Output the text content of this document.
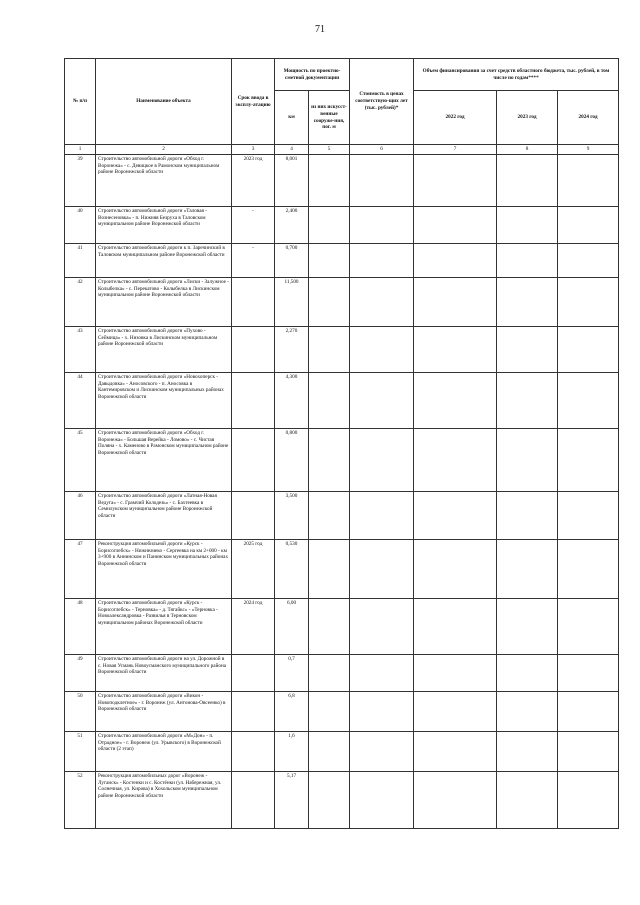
71
№ п/п	Наименование объекта	Срок ввода в эксплу-атацию	Мощность по проектно-сметной документации		Стоимость в ценах соответствую-щих лет (тыс. рублей)*	Объем финансирования за счет средств областного бюджета, тыс. рублей, в том числе по годам****		
			км	из них искусст-венные сооруже-ния, пог. м		2022 год	2023 год	2024 год
1	2	3	4	5	6	7	8	9
39	Строительство автомобильной дороги «Обход г. Воронежа» - с. Девицкое в Рамонском муниципальном районе Воронежской области	2023 год	8,001					
40	Строительство автомобильной дороги «Таловая - Вознесеновка» - п. Нижняя Безруха в Таловском муниципальном районе Воронежской области	-	2,400					
41	Строительство автомобильной дороги к п. Заречинский в Таловском муниципальном районе Воронежской области	-	0,700					
42	Строительство автомобильной дороги «Лиски - Залужное - Колыбелка» - с. Перекатово - Колыбелка в Лискинском муниципальном районе Воронежской области		11,500					
43	Строительство автомобильной дороги «Пухово - Сеймица» - х. Низовка в Лискинском муниципальном районе Воронежской области		2,270					
44	Строительство автомобильной дороги «Новохоперск - Давыдовка» - Аносовского - п. Аносовка в Кантемировском и Лискинском муниципальных районах Воронежской области		4,300					
45	Строительство автомобильной дороги «Обход г. Воронежа» - Большая Верейка - Ломово» - с. Чистая Поляна - х. Каменово в Рамонском муниципальном районе Воронежской области		0,800					
46	Строительство автомобильной дороги «Латная-Новая Ведуга» - с. Грамчий Колодезь» - с. Бахтеевка в Семилукском муниципальном районе Воронежской области		3,500					
47	Реконструкция автомобильной дороги «Курск - Борисоглебск» - Нижнеачеко - Сергеевка на км 2+000 - км 3+900 в Аннинском и Панинском муниципальных районах Воронежской области	2025 год	0,530					
48	Строительство автомобильной дороги «Курск - Борисоглебск» - Терновка» - д. Тягайкс» - «Терновка - Новоалександровка - Развилья в Терновском муниципальном районах Воронежской области	2024 год	6,00					
49	Строительство автомобильной дороги на ул. Дорожной в с. Новая Усмань Новоусманского муниципального района Воронежской области		0,7					
50	Строительство автомобильной дороги «Викон - Новоподклетное» - г. Воронеж (ул. Антонова-Овсеенко) в Воронежской области		6,8					
51	Строительство автомобильной дороги «М«Дон» - п. Отрадное» - г. Воронеж (ул. Урывского) в Воронежской области (2 этап)		1,6					
52	Реконструкция автомобильных дорог «Воронеж - Луганск» - Костенки и с. Костёнки (ул. Набережная, ул. Солнечная, ул. Кирова) в Хохольском муниципальном районе Воронежской области		5,17					
